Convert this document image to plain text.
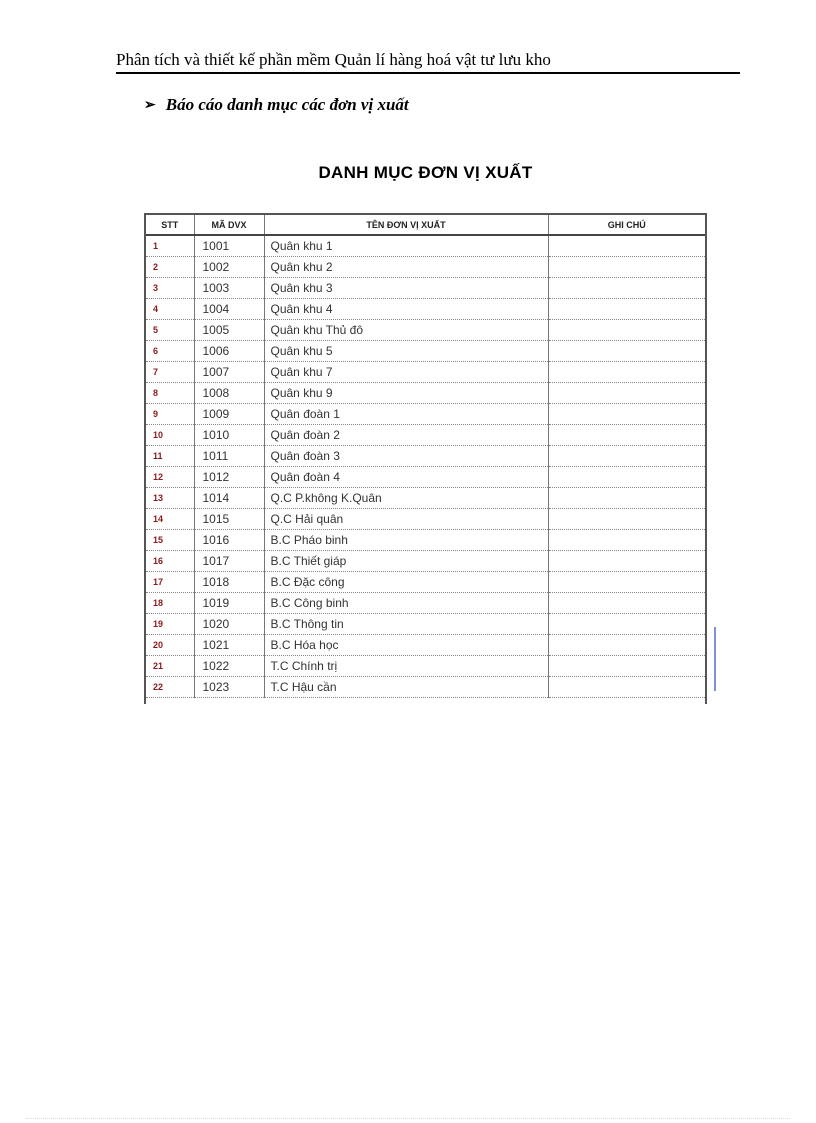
Phân tích và thiết kế phần mềm Quản lí hàng hoá vật tư lưu kho
➢ Báo cáo danh mục các đơn vị xuất
DANH MỤC ĐƠN VỊ XUẤT
STT	MÃ DVX	TÊN ĐƠN VỊ XUẤT	GHI CHÚ
1	1001	Quân khu 1	
2	1002	Quân khu 2	
3	1003	Quân khu 3	
4	1004	Quân khu 4	
5	1005	Quân khu Thủ đô	
6	1006	Quân khu 5	
7	1007	Quân khu 7	
8	1008	Quân khu 9	
9	1009	Quân đoàn 1	
10	1010	Quân đoàn 2	
11	1011	Quân đoàn 3	
12	1012	Quân đoàn 4	
13	1014	Q.C P.không K.Quân	
14	1015	Q.C Hải quân	
15	1016	B.C Pháo binh	
16	1017	B.C Thiết giáp	
17	1018	B.C Đặc công	
18	1019	B.C Công binh	
19	1020	B.C Thông tin	
20	1021	B.C Hóa học	
21	1022	T.C Chính trị	
22	1023	T.C Hậu cần	
